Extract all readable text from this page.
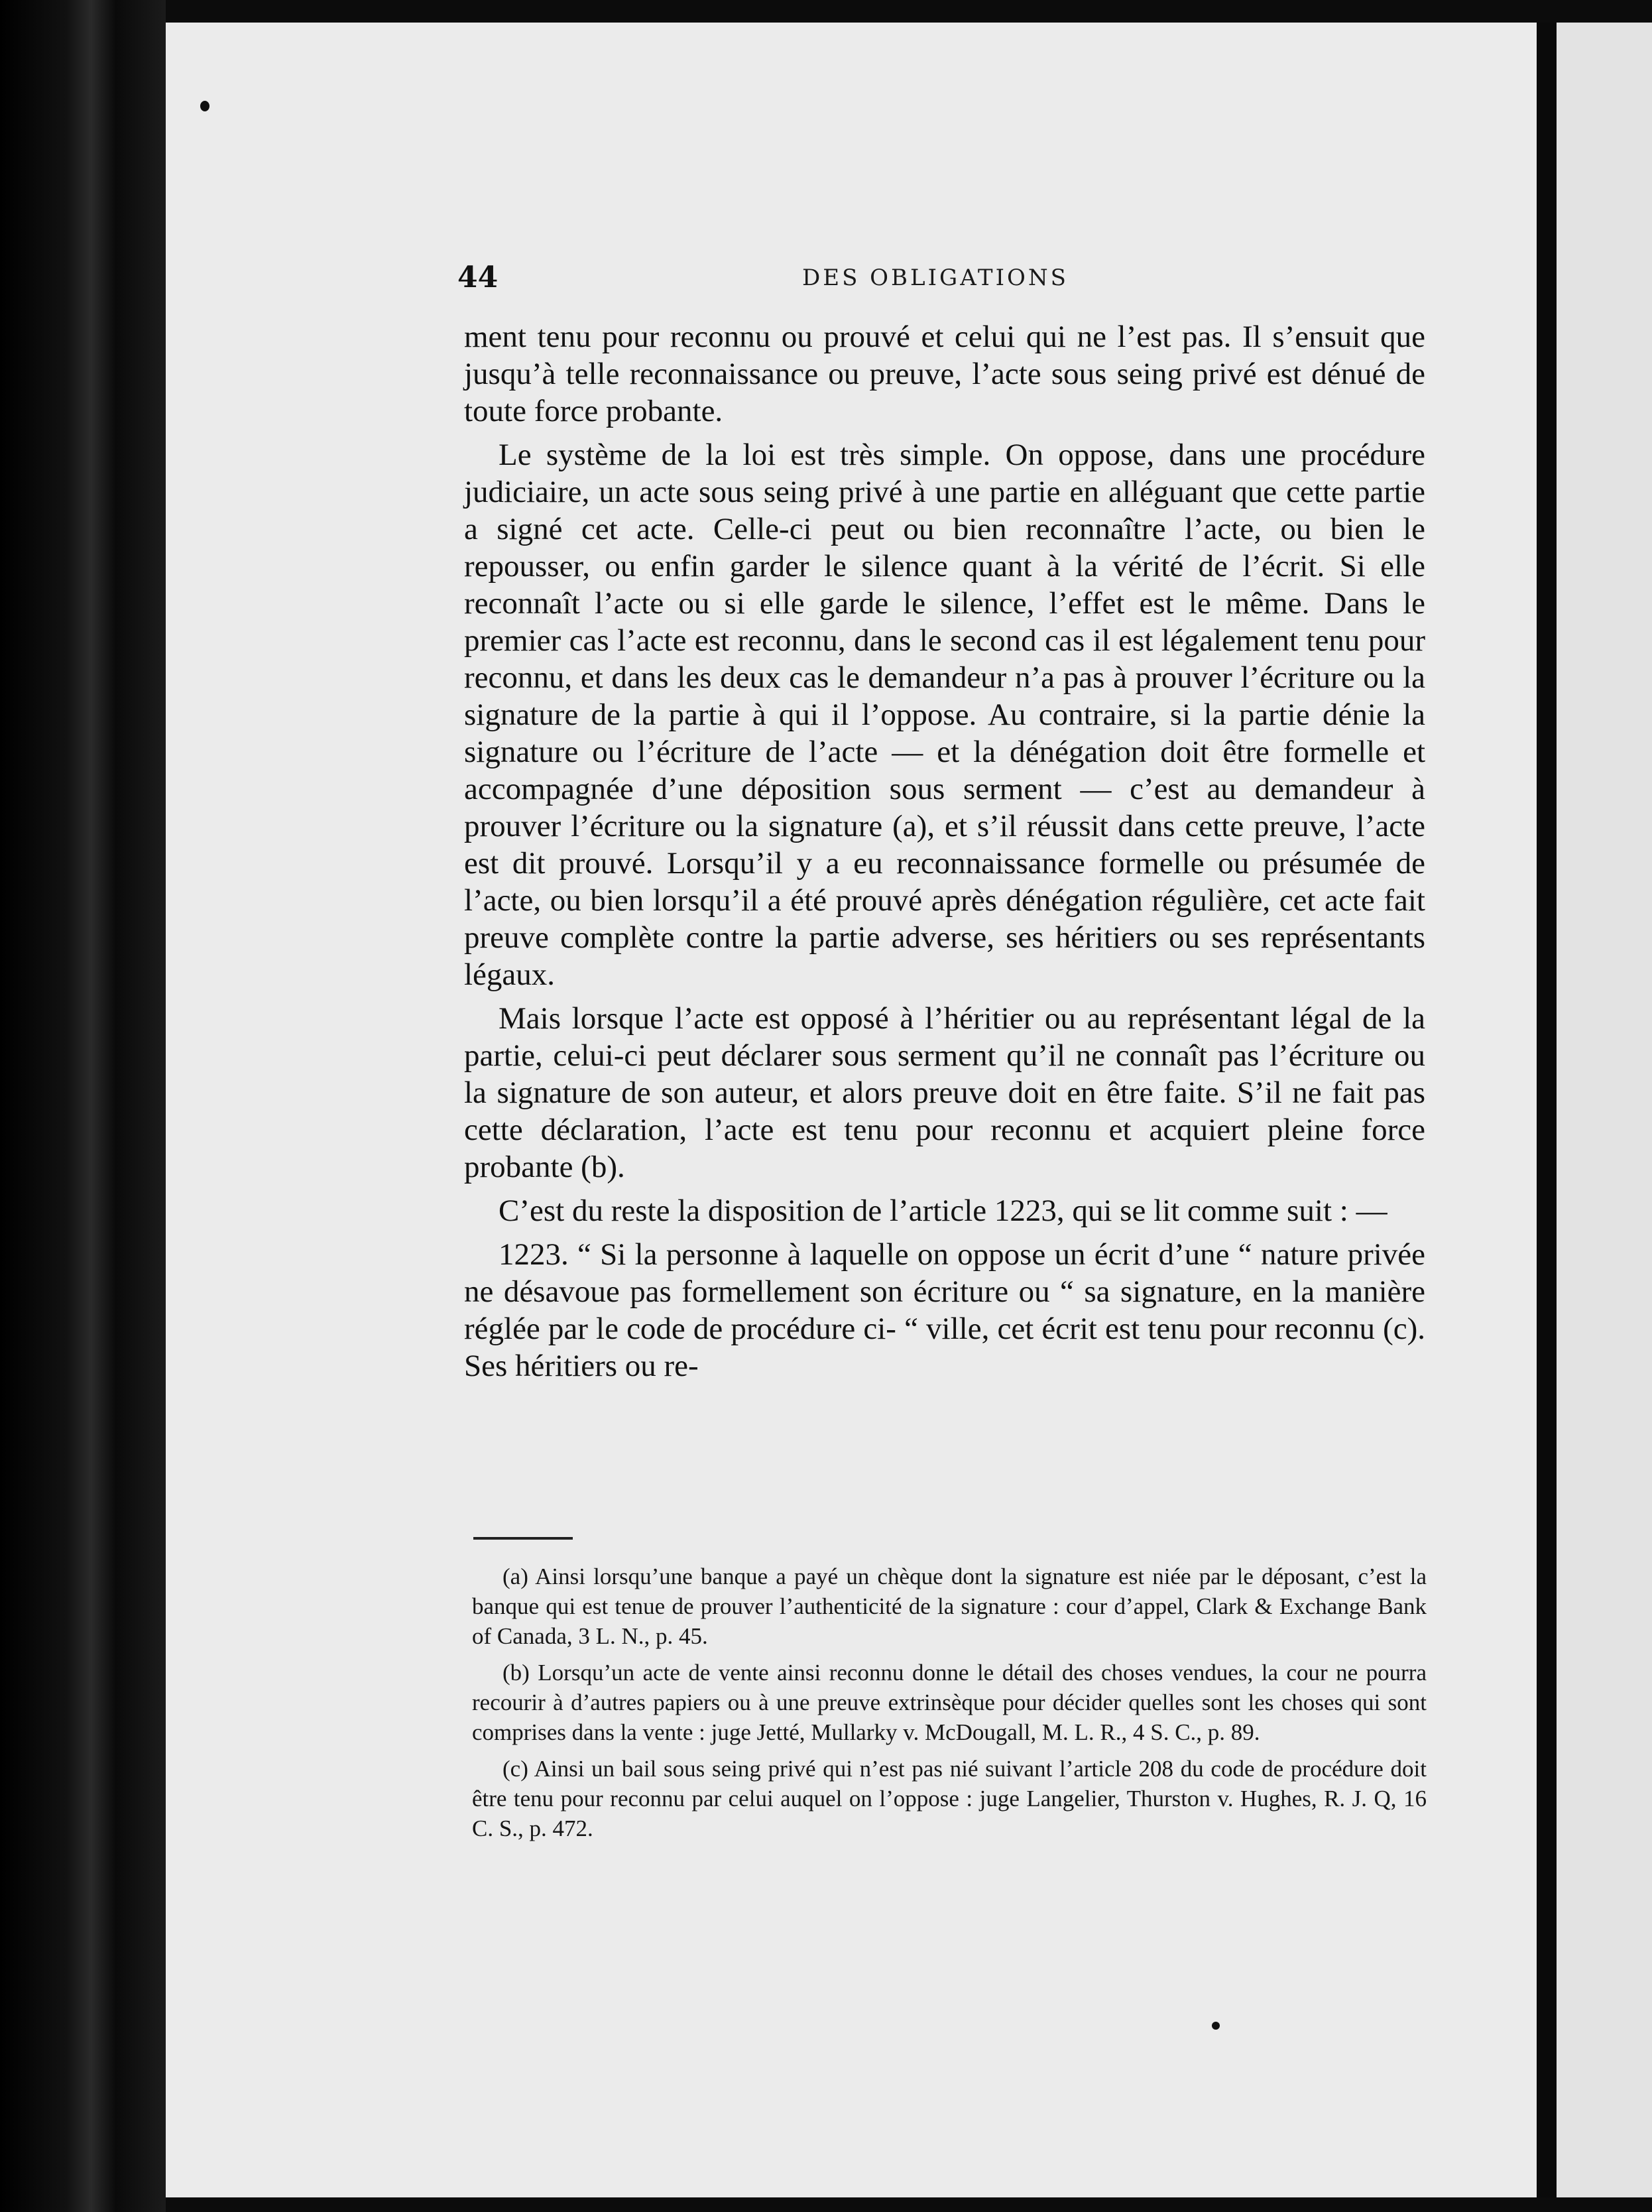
44	DES OBLIGATIONS

ment tenu pour reconnu ou prouvé et celui qui ne l’est pas. Il s’ensuit que jusqu’à telle reconnaissance ou preuve, l’acte sous seing privé est dénué de toute force probante.

Le système de la loi est très simple. On oppose, dans une procédure judiciaire, un acte sous seing privé à une partie en alléguant que cette partie a signé cet acte. Celle-ci peut ou bien reconnaître l’acte, ou bien le repousser, ou enfin garder le silence quant à la vérité de l’écrit. Si elle reconnaît l’acte ou si elle garde le silence, l’effet est le même. Dans le premier cas l’acte est reconnu, dans le second cas il est légalement tenu pour reconnu, et dans les deux cas le demandeur n’a pas à prouver l’écriture ou la signature de la partie à qui il l’oppose. Au contraire, si la partie dénie la signature ou l’écriture de l’acte — et la dénégation doit être formelle et accompagnée d’une déposition sous serment — c’est au demandeur à prouver l’écriture ou la signature (a), et s’il réussit dans cette preuve, l’acte est dit prouvé. Lorsqu’il y a eu reconnaissance formelle ou présumée de l’acte, ou bien lorsqu’il a été prouvé après dénégation régulière, cet acte fait preuve complète contre la partie adverse, ses héritiers ou ses représentants légaux.

Mais lorsque l’acte est opposé à l’héritier ou au représentant légal de la partie, celui-ci peut déclarer sous serment qu’il ne connaît pas l’écriture ou la signature de son auteur, et alors preuve doit en être faite. S’il ne fait pas cette déclaration, l’acte est tenu pour reconnu et acquiert pleine force probante (b).

C’est du reste la disposition de l’article 1223, qui se lit comme suit : —

1223. “ Si la personne à laquelle on oppose un écrit d’une “ nature privée ne désavoue pas formellement son écriture ou “ sa signature, en la manière réglée par le code de procédure ci- “ ville, cet écrit est tenu pour reconnu (c). Ses héritiers ou re-

(a) Ainsi lorsqu’une banque a payé un chèque dont la signature est niée par le déposant, c’est la banque qui est tenue de prouver l’authenticité de la signature : cour d’appel, Clark & Exchange Bank of Canada, 3 L. N., p. 45.

(b) Lorsqu’un acte de vente ainsi reconnu donne le détail des choses vendues, la cour ne pourra recourir à d’autres papiers ou à une preuve extrinsèque pour décider quelles sont les choses qui sont comprises dans la vente : juge Jetté, Mullarky v. McDougall, M. L. R., 4 S. C., p. 89.

(c) Ainsi un bail sous seing privé qui n’est pas nié suivant l’article 208 du code de procédure doit être tenu pour reconnu par celui auquel on l’oppose : juge Langelier, Thurston v. Hughes, R. J. Q, 16 C. S., p. 472.
